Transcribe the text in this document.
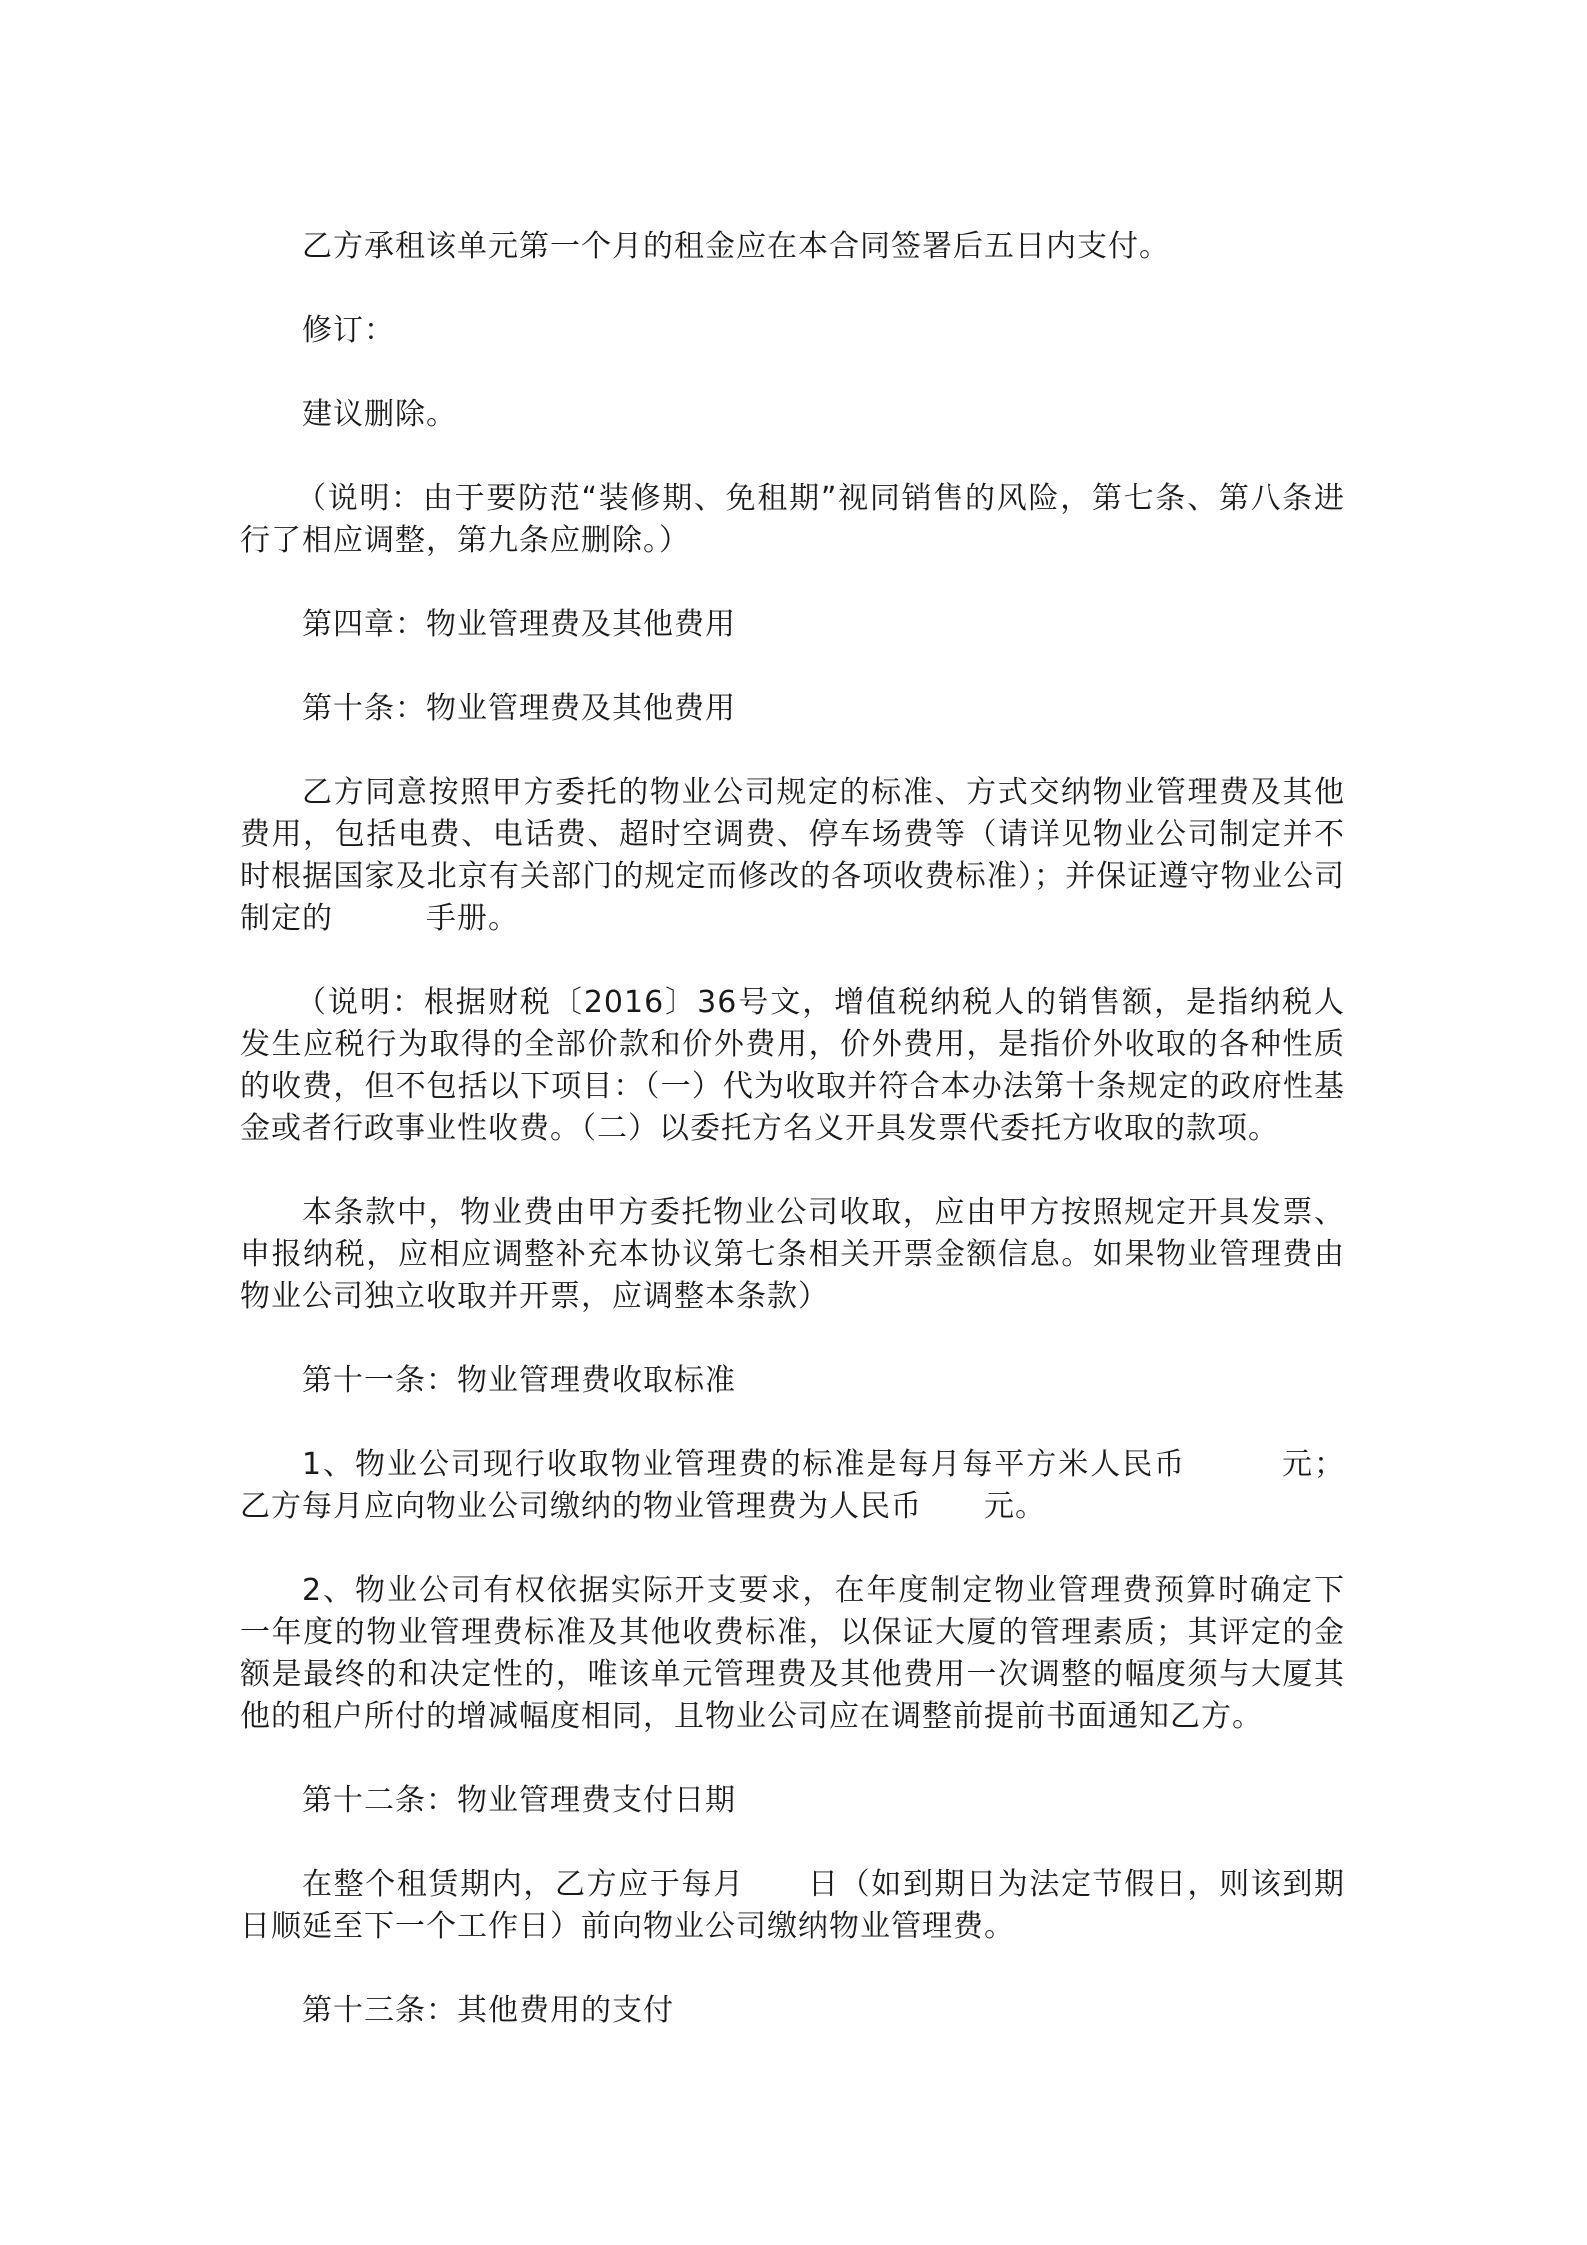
乙方承租该单元第一个月的租金应在本合同签署后五日内支付。

修订：

建议删除。

（说明：由于要防范“装修期、免租期”视同销售的风险，第七条、第八条进行了相应调整，第九条应删除。）

第四章：物业管理费及其他费用

第十条：物业管理费及其他费用

乙方同意按照甲方委托的物业公司规定的标准、方式交纳物业管理费及其他费用，包括电费、电话费、超时空调费、停车场费等（请详见物业公司制定并不时根据国家及北京有关部门的规定而修改的各项收费标准）；并保证遵守物业公司制定的　　　手册。

（说明：根据财税〔2016〕36号文，增值税纳税人的销售额，是指纳税人发生应税行为取得的全部价款和价外费用，价外费用，是指价外收取的各种性质的收费，但不包括以下项目：（一）代为收取并符合本办法第十条规定的政府性基金或者行政事业性收费。（二）以委托方名义开具发票代委托方收取的款项。

本条款中，物业费由甲方委托物业公司收取，应由甲方按照规定开具发票、申报纳税，应相应调整补充本协议第七条相关开票金额信息。如果物业管理费由物业公司独立收取并开票，应调整本条款）

第十一条：物业管理费收取标准

1、物业公司现行收取物业管理费的标准是每月每平方米人民币　　　元；乙方每月应向物业公司缴纳的物业管理费为人民币　　元。

2、物业公司有权依据实际开支要求，在年度制定物业管理费预算时确定下一年度的物业管理费标准及其他收费标准，以保证大厦的管理素质；其评定的金额是最终的和决定性的，唯该单元管理费及其他费用一次调整的幅度须与大厦其他的租户所付的增减幅度相同，且物业公司应在调整前提前书面通知乙方。

第十二条：物业管理费支付日期

在整个租赁期内，乙方应于每月　　日（如到期日为法定节假日，则该到期日顺延至下一个工作日）前向物业公司缴纳物业管理费。

第十三条：其他费用的支付
